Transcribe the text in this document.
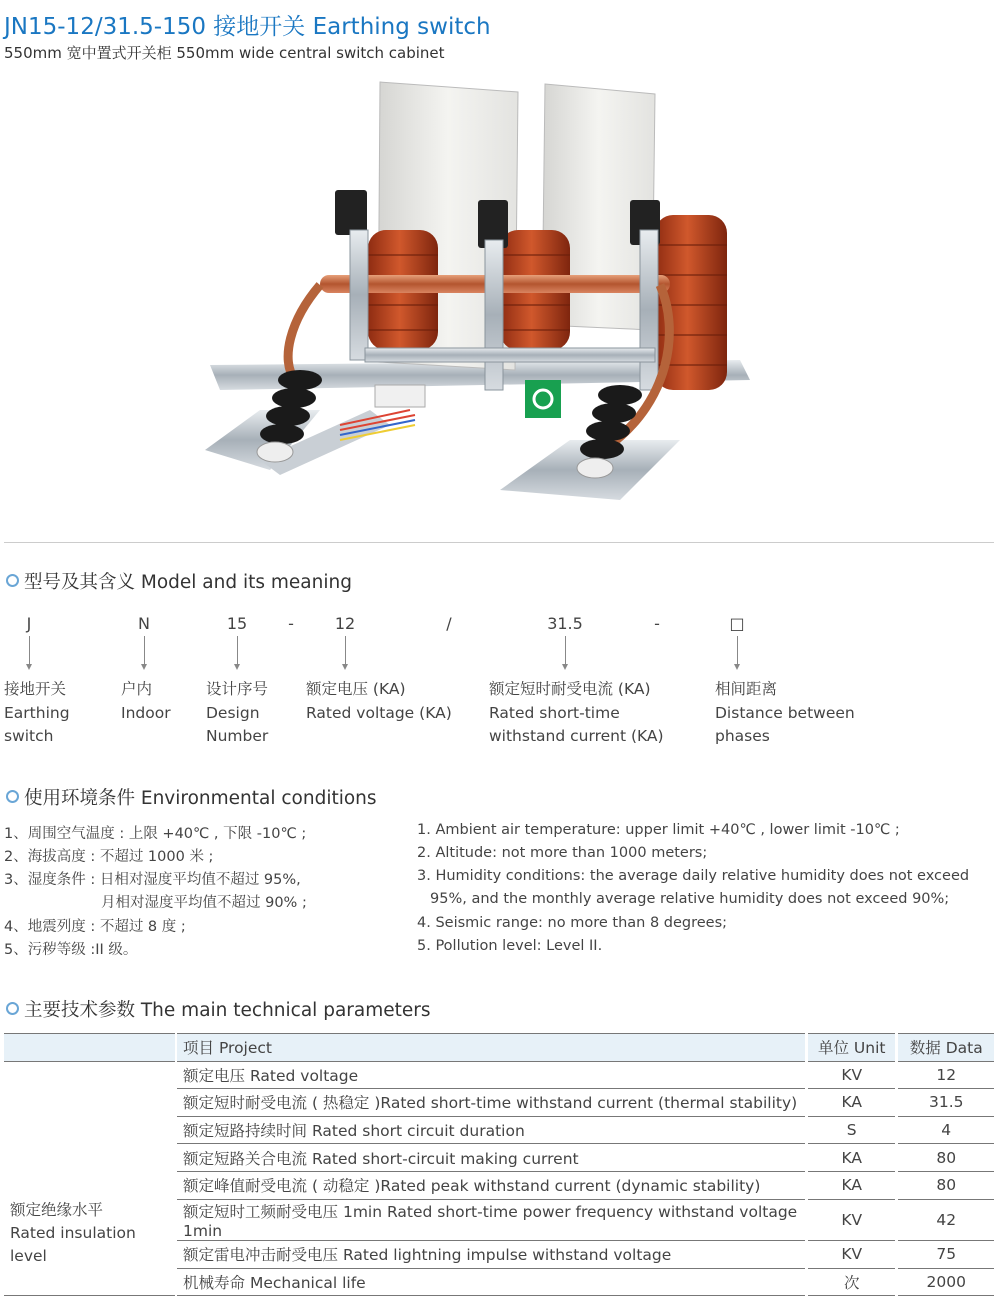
JN15-12/31.5-150 接地开关 Earthing switch
550mm 宽中置式开关柜 550mm wide central switch cabinet
型号及其含义 Model and its meaning
J	N	15	-	12	/	31.5	-	□
接地开关
Earthing
switch
户内
Indoor
设计序号
Design
Number
额定电压 (KA)
Rated voltage (KA)
额定短时耐受电流 (KA)
Rated short-time
withstand current (KA)
相间距离
Distance between
phases
使用环境条件 Environmental conditions
1、周围空气温度 : 上限 +40℃ , 下限 -10℃ ;
2、海拔高度 : 不超过 1000 米 ;
3、湿度条件 : 日相对湿度平均值不超过 95%,
月相对湿度平均值不超过 90% ;
4、地震列度 : 不超过 8 度 ;
5、污秽等级 :II 级。
1. Ambient air temperature: upper limit +40℃ , lower limit -10℃ ;
2. Altitude: not more than 1000 meters;
3. Humidity conditions: the average daily relative humidity does not exceed
95%, and the monthly average relative humidity does not exceed 90%;
4. Seismic range: no more than 8 degrees;
5. Pollution level: Level II.
主要技术参数 The main technical parameters
	项目 Project	单位 Unit	数据 Data
	额定电压 Rated voltage	KV	12
	额定短时耐受电流 ( 热稳定 )Rated short-time withstand current (thermal stability)	KA	31.5
	额定短路持续时间 Rated short circuit duration	S	4
	额定短路关合电流 Rated short-circuit making current	KA	80
	额定峰值耐受电流 ( 动稳定 )Rated peak withstand current (dynamic stability)	KA	80

额定绝缘水平
Rated insulation level	额定短时工频耐受电压 1min Rated short-time power frequency withstand voltage 1min	KV	42
	额定雷电冲击耐受电压 Rated lightning impulse withstand voltage	KV	75
	机械寿命 Mechanical life	次	2000
